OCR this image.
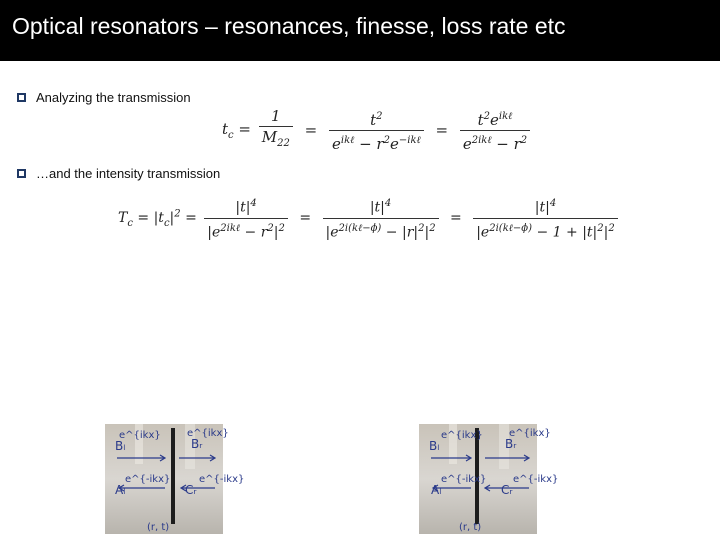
Optical resonators – resonances, finesse, loss rate etc
Analyzing the transmission
$t_c = \frac{1}{M_{22}} = \frac{t^2}{e^{ik\ell} - r^2e^{-ik\ell}} = \frac{t^2e^{ik\ell}}{e^{2ik\ell} - r^2}$
…and the intensity transmission
$T_c = |t_c|^2 = \frac{|t|^4}{|e^{2ik\ell} - r^2|^2} = \frac{|t|^4}{|e^{2i(k\ell-\phi)} - |r|^2|^2} = \frac{|t|^4}{|e^{2i(k\ell-\phi)} - 1 + |t|^2|^2}$
e^{ikx}	e^{ikx}
Bₗ	Bᵣ
e^{-ikx}	e^{-ikx}
Aₗ	Cᵣ
(r, t)
e^{ikx}	e^{ikx}
Bₗ	Bᵣ
e^{-ikx}	e^{-ikx}
Aₗ	Cᵣ
(r, t)
